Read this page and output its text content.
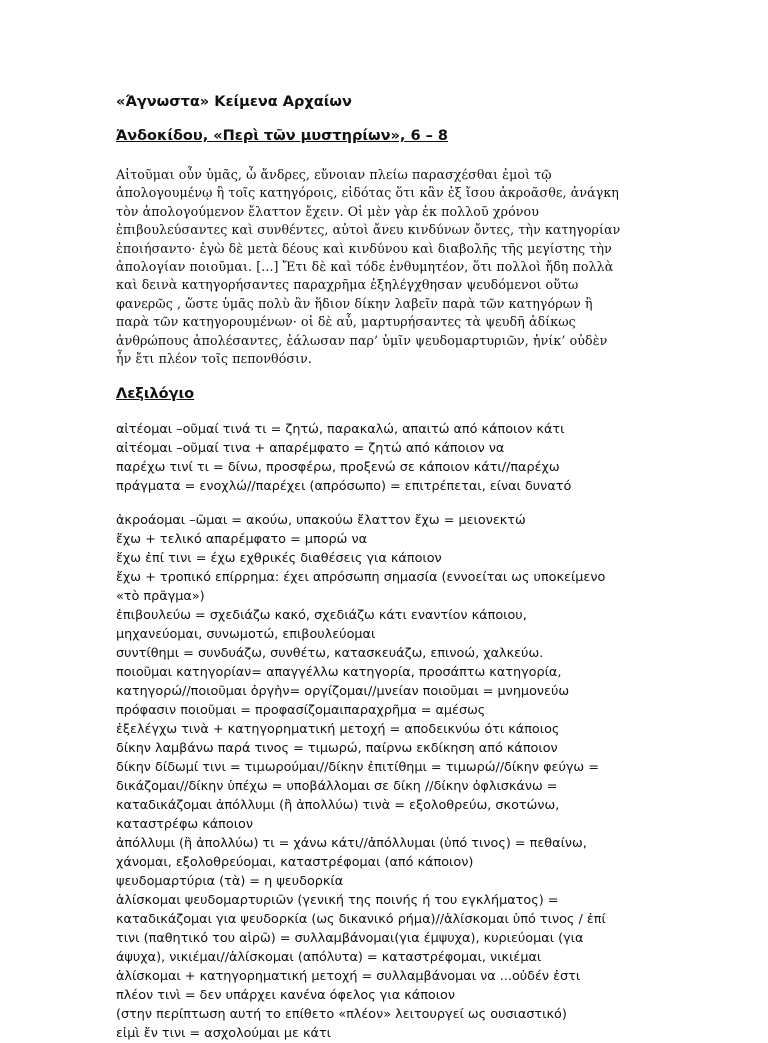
«Άγνωστα» Κείμενα Αρχαίων
Ἀνδοκίδου, «Περὶ τῶν μυστηρίων», 6 – 8
Αἰτοῦμαι οὖν ὑμᾶς, ὦ ἄνδρες, εὔνοιαν πλείω παρασχέσθαι ἐμοὶ τῷ
ἀπολογουμένῳ ἢ τοῖς κατηγόροις, εἰδότας ὅτι κἂν ἐξ ἴσου ἀκροᾶσθε, ἀνάγκη
τὸν ἀπολογούμενον ἔλαττον ἔχειν. Οἱ μὲν γὰρ ἐκ πολλοῦ χρόνου
ἐπιβουλεύσαντες καὶ συνθέντες, αὐτοὶ ἄνευ κινδύνων ὄντες, τὴν κατηγορίαν
ἐποιήσαντο· ἐγὼ δὲ μετὰ δέους καὶ κινδύνου καὶ διαβολῆς τῆς μεγίστης τὴν
ἀπολογίαν ποιοῦμαι. [...] Ἔτι δὲ καὶ τόδε ἐνθυμητέον, ὅτι πολλοὶ ἤδη πολλὰ
καὶ δεινὰ κατηγορήσαντες παραχρῆμα ἐξηλέγχθησαν ψευδόμενοι οὕτω
φανερῶς , ὥστε ὑμᾶς πολὺ ἂν ἥδιον δίκην λαβεῖν παρὰ τῶν κατηγόρων ἢ
παρὰ τῶν κατηγορουμένων· οἱ δὲ αὖ, μαρτυρήσαντες τὰ ψευδῆ ἀδίκως
ἀνθρώπους ἀπολέσαντες, ἑάλωσαν παρ’ ὑμῖν ψευδομαρτυριῶν, ἡνίκ’ οὐδὲν
ἦν ἔτι πλέον τοῖς πεπονθόσιν.
Λεξιλόγιο
αἰτέομαι –οῦμαί τινά τι = ζητώ, παρακαλώ, απαιτώ από κάποιον κάτι
αἰτέομαι –οῦμαί τινα + απαρέμφατο = ζητώ από κάποιον να
παρέχω τινί τι = δίνω, προσφέρω, προξενώ σε κάποιον κάτι//παρέχω
πράγματα = ενοχλώ//παρέχει (απρόσωπο) = επιτρέπεται, είναι δυνατό
ἀκροάομαι –ῶμαι = ακούω, υπακούω ἔλαττον ἔχω = μειονεκτώ
ἔχω + τελικό απαρέμφατο = μπορώ να
ἔχω ἐπί τινι = έχω εχθρικές διαθέσεις για κάποιον
ἔχω + τροπικό επίρρημα: έχει απρόσωπη σημασία (εννοείται ως υποκείμενο
«τὸ πρᾶγμα»)
ἐπιβουλεύω = σχεδιάζω κακό, σχεδιάζω κάτι εναντίον κάποιου,
μηχανεύομαι, συνωμοτώ, επιβουλεύομαι
συντίθημι = συνδυάζω, συνθέτω, κατασκευάζω, επινοώ, χαλκεύω.
ποιοῦμαι κατηγορίαν= απαγγέλλω κατηγορία, προσάπτω κατηγορία,
κατηγορώ//ποιοῦμαι ὀργὴν= οργίζομαι//μνείαν ποιοῦμαι = μνημονεύω
πρόφασιν ποιοῦμαι = προφασίζομαιπαραχρῆμα = αμέσως
ἐξελέγχω τινὰ + κατηγορηματική μετοχή = αποδεικνύω ότι κάποιος
δίκην λαμβάνω παρά τινος = τιμωρώ, παίρνω εκδίκηση από κάποιον
δίκην δίδωμί τινι = τιμωρούμαι//δίκην ἐπιτίθημι = τιμωρώ//δίκην φεύγω =
δικάζομαι//δίκην ὑπέχω = υποβάλλομαι σε δίκη //δίκην ὀφλισκάνω =
καταδικάζομαι ἀπόλλυμι (ἢ ἀπολλύω) τινὰ = εξολοθρεύω, σκοτώνω,
καταστρέφω κάποιον
ἀπόλλυμι (ἢ ἀπολλύω) τι = χάνω κάτι//ἀπόλλυμαι (ὑπό τινος) = πεθαίνω,
χάνομαι, εξολοθρεύομαι, καταστρέφομαι (από κάποιον)
ψευδομαρτύρια (τὰ) = η ψευδορκία
ἁλίσκομαι ψευδομαρτυριῶν (γενική της ποινής ή του εγκλήματος) =
καταδικάζομαι για ψευδορκία (ως δικανικό ρήμα)//ἁλίσκομαι ὑπό τινος / ἐπί
τινι (παθητικό του αἱρῶ) = συλλαμβάνομαι(για έμψυχα), κυριεύομαι (για
άψυχα), νικιέμαι//ἁλίσκομαι (απόλυτα) = καταστρέφομαι, νικιέμαι
ἁλίσκομαι + κατηγορηματική μετοχή = συλλαμβάνομαι να ...οὐδέν ἐστι
πλέον τινὶ = δεν υπάρχει κανένα όφελος για κάποιον
(στην περίπτωση αυτή το επίθετο «πλέον» λειτουργεί ως ουσιαστικό)
εἰμὶ ἔν τινι = ασχολούμαι με κάτι
